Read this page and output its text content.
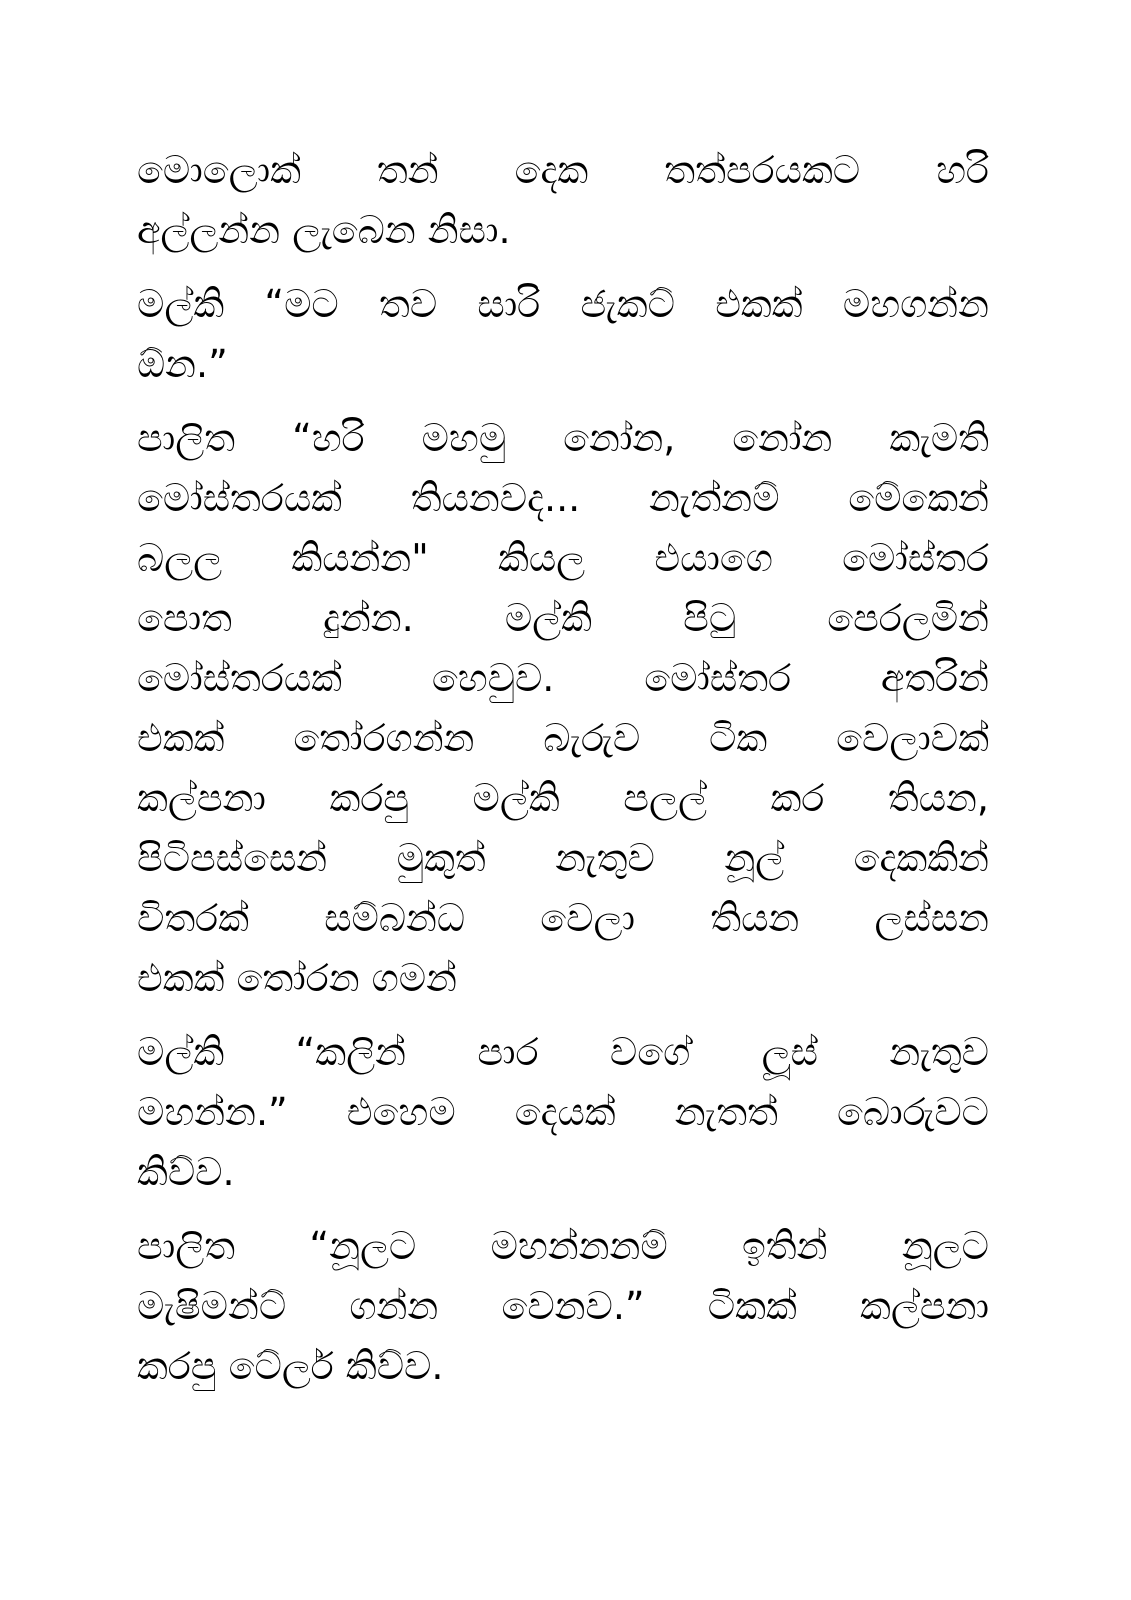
මොලොක් තන් දෙක තත්පරයකට හරි
අල්ලන්න ලැබෙන නිසා.
මල්කි “මට තව සාරි ජැකට් එකක් මහගන්න
ඕන.”
පාලිත “හරි මහමු නෝන, නෝන කැමති
මෝස්තරයක් තියනවද... නැත්නම් මේකෙන්
බලල කියන්න" කියල එයාගෙ මෝස්තර
පොත දුන්න. මල්කි පිටු පෙරලමින්
මෝස්තරයක් හෙවුව. මෝස්තර අතරින්
එකක් තෝරගන්න බැරුව ටික වෙලාවක්
කල්පනා කරපු මල්කි පලල් කර තියන,
පිටිපස්සෙන් මුකුත් නැතුව නූල් දෙකකින්
විතරක් සම්බන්ධ වෙලා තියන ලස්සන
එකක් තෝරන ගමන්
මල්කි “කලින් පාර වගේ ලූස් නැතුව
මහන්න.” එහෙම දෙයක් නැතත් බොරුවට
කිව්ව.
පාලිත “නූලට මහන්නනම් ඉතින් නූලට
මැෂිමන්ට් ගන්න වෙනව.” ටිකක් කල්පනා
කරපු ටේලර් කිව්ව.
